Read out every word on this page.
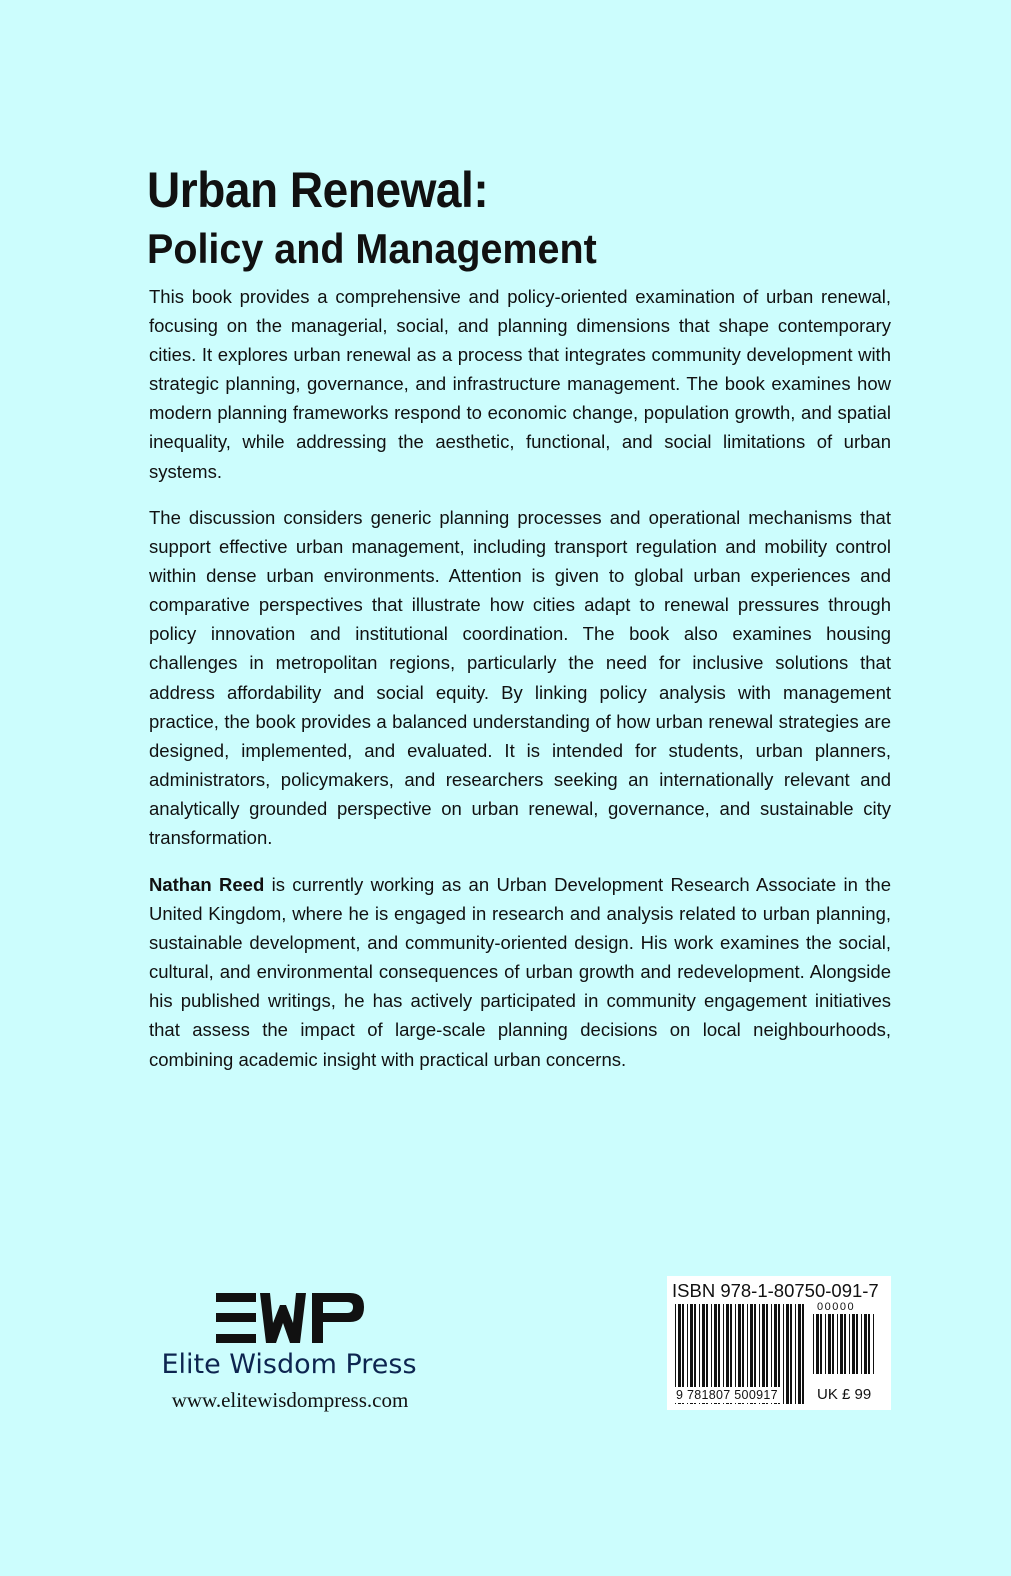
Urban Renewal:
Policy and Management

This book provides a comprehensive and policy-oriented examination of urban renewal, focusing on the managerial, social, and planning dimensions that shape contemporary cities. It explores urban renewal as a process that integrates community development with strategic planning, governance, and infrastructure management. The book examines how modern planning frameworks respond to economic change, population growth, and spatial inequality, while addressing the aesthetic, functional, and social limitations of urban systems.

The discussion considers generic planning processes and operational mechanisms that support effective urban management, including transport regulation and mobility control within dense urban environments. Attention is given to global urban experiences and comparative perspectives that illustrate how cities adapt to renewal pressures through policy innovation and institutional coordination. The book also examines housing challenges in metropolitan regions, particularly the need for inclusive solutions that address affordability and social equity. By linking policy analysis with management practice, the book provides a balanced understanding of how urban renewal strategies are designed, implemented, and evaluated. It is intended for students, urban planners, administrators, policymakers, and researchers seeking an internationally relevant and analytically grounded perspective on urban renewal, governance, and sustainable city transformation.

Nathan Reed is currently working as an Urban Development Research Associate in the United Kingdom, where he is engaged in research and analysis related to urban planning, sustainable development, and community-oriented design. His work examines the social, cultural, and environmental consequences of urban growth and redevelopment. Alongside his published writings, he has actively participated in community engagement initiatives that assess the impact of large-scale planning decisions on local neighbourhoods, combining academic insight with practical urban concerns.

Elite Wisdom Press

www.elitewisdompress.com

ISBN 978-1-80750-091-7

00000

9 781807 500917	UK £ 99
